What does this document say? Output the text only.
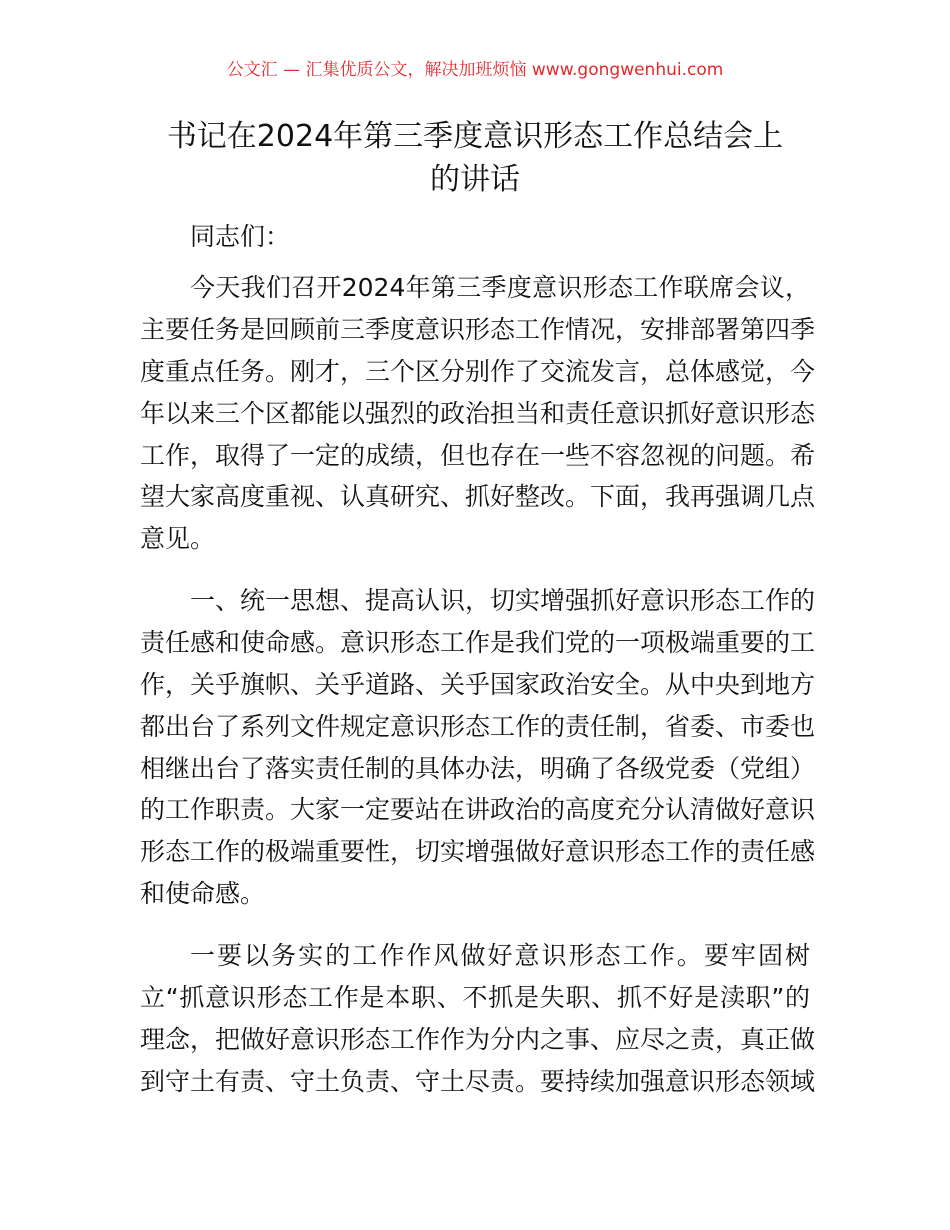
公文汇 — 汇集优质公文，解决加班烦恼 www.gongwenhui.com
书记在2024年第三季度意识形态工作总结会上
的讲话
同志们：
今天我们召开2024年第三季度意识形态工作联席会议，
主要任务是回顾前三季度意识形态工作情况，安排部署第四季
度重点任务。刚才，三个区分别作了交流发言，总体感觉，今
年以来三个区都能以强烈的政治担当和责任意识抓好意识形态
工作，取得了一定的成绩，但也存在一些不容忽视的问题。希
望大家高度重视、认真研究、抓好整改。下面，我再强调几点
意见。
一、统一思想、提高认识，切实增强抓好意识形态工作的
责任感和使命感。意识形态工作是我们党的一项极端重要的工
作，关乎旗帜、关乎道路、关乎国家政治安全。从中央到地方
都出台了系列文件规定意识形态工作的责任制，省委、市委也
相继出台了落实责任制的具体办法，明确了各级党委（党组）
的工作职责。大家一定要站在讲政治的高度充分认清做好意识
形态工作的极端重要性，切实增强做好意识形态工作的责任感
和使命感。
一要以务实的工作作风做好意识形态工作。要牢固树
立“抓意识形态工作是本职、不抓是失职、抓不好是渎职”的
理念，把做好意识形态工作作为分内之事、应尽之责，真正做
到守土有责、守土负责、守土尽责。要持续加强意识形态领域
